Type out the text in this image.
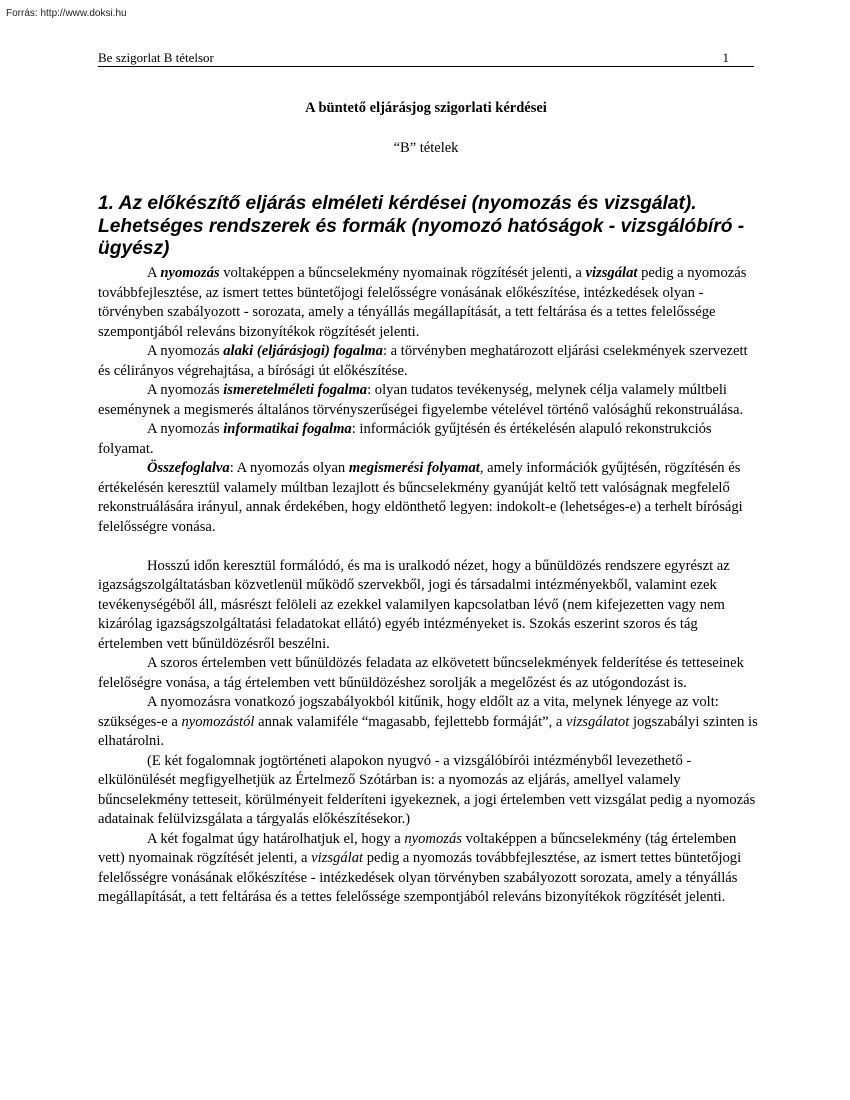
Forrás: http://www.doksi.hu
Be szigorlat B tételsor	1
A büntető eljárásjog szigorlati kérdései
“B” tételek
1. Az előkészítő eljárás elméleti kérdései (nyomozás és vizsgálat). Lehetséges rendszerek és formák (nyomozó hatóságok - vizsgálóbíró - ügyész)

A nyomozás voltaképpen a bűncselekmény nyomainak rögzítését jelenti, a vizsgálat pedig a nyomozás továbbfejlesztése, az ismert tettes büntetőjogi felelősségre vonásának előkészítése, intézkedések olyan - törvényben szabályozott - sorozata, amely a tényállás megállapítását, a tett feltárása és a tettes felelőssége szempontjából releváns bizonyítékok rögzítését jelenti.

A nyomozás alaki (eljárásjogi) fogalma: a törvényben meghatározott eljárási cselekmények szervezett és célirányos végrehajtása, a bírósági út előkészítése.

A nyomozás ismeretelméleti fogalma: olyan tudatos tevékenység, melynek célja valamely múltbeli eseménynek a megismerés általános törvényszerűségei figyelembe vételével történő valósághű rekonstruálása.

A nyomozás informatikai fogalma: információk gyűjtésén és értékelésén alapuló rekonstrukciós folyamat.

Összefoglalva: A nyomozás olyan megismerési folyamat, amely információk gyűjtésén, rögzítésén és értékelésén keresztül valamely múltban lezajlott és bűncselekmény gyanúját keltő tett valóságnak megfelelő rekonstruálására irányul, annak érdekében, hogy eldönthető legyen: indokolt-e (lehetséges-e) a terhelt bírósági felelősségre vonása.

Hosszú időn keresztül formálódó, és ma is uralkodó nézet, hogy a bűnüldözés rendszere egyrészt az igazságszolgáltatásban közvetlenül működő szervekből, jogi és társadalmi intézményekből, valamint ezek tevékenységéből áll, másrészt felöleli az ezekkel valamilyen kapcsolatban lévő (nem kifejezetten vagy nem kizárólag igazságszolgáltatási feladatokat ellátó) egyéb intézményeket is. Szokás eszerint szoros és tág értelemben vett bűnüldözésről beszélni.

A szoros értelemben vett bűnüldözés feladata az elkövetett bűncselekmények felderítése és tetteseinek felelőségre vonása, a tág értelemben vett bűnüldözéshez sorolják a megelőzést és az utógondozást is.

A nyomozásra vonatkozó jogszabályokból kitűnik, hogy eldőlt az a vita, melynek lényege az volt: szükséges-e a nyomozástól annak valamiféle “magasabb, fejlettebb formáját”, a vizsgálatot jogszabályi szinten is elhatárolni.

(E két fogalomnak jogtörténeti alapokon nyugvó - a vizsgálóbírói intézményből levezethető - elkülönülését megfigyelhetjük az Értelmező Szótárban is: a nyomozás az eljárás, amellyel valamely bűncselekmény tetteseit, körülményeit felderíteni igyekeznek, a jogi értelemben vett vizsgálat pedig a nyomozás adatainak felülvizsgálata a tárgyalás előkészítésekor.)

A két fogalmat úgy határolhatjuk el, hogy a nyomozás voltaképpen a bűncselekmény (tág értelemben vett) nyomainak rögzítését jelenti, a vizsgálat pedig a nyomozás továbbfejlesztése, az ismert tettes büntetőjogi felelősségre vonásának előkészítése - intézkedések olyan törvényben szabályozott sorozata, amely a tényállás megállapítását, a tett feltárása és a tettes felelőssége szempontjából releváns bizonyítékok rögzítését jelenti.
